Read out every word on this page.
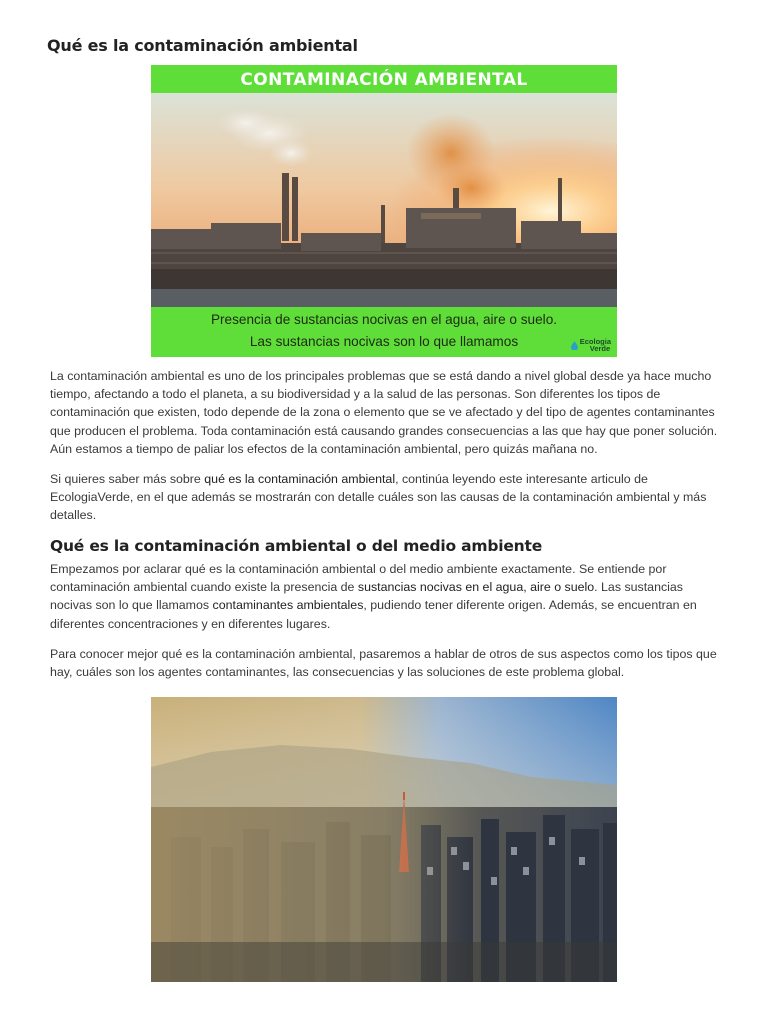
Qué es la contaminación ambiental
CONTAMINACIÓN AMBIENTAL
Presencia de sustancias nocivas en el agua, aire o suelo.
Las sustancias nocivas son lo que llamamos	Ecologia
Verde

La contaminación ambiental es uno de los principales problemas que se está dando a nivel global desde ya hace mucho tiempo, afectando a todo el planeta, a su biodiversidad y a la salud de las personas. Son diferentes los tipos de contaminación que existen, todo depende de la zona o elemento que se ve afectado y del tipo de agentes contaminantes que producen el problema. Toda contaminación está causando grandes consecuencias a las que hay que poner solución. Aún estamos a tiempo de paliar los efectos de la contaminación ambiental, pero quizás mañana no.

Si quieres saber más sobre qué es la contaminación ambiental, continúa leyendo este interesante articulo de EcologiaVerde, en el que además se mostrarán con detalle cuáles son las causas de la contaminación ambiental y más detalles.

Qué es la contaminación ambiental o del medio ambiente

Empezamos por aclarar qué es la contaminación ambiental o del medio ambiente exactamente. Se entiende por contaminación ambiental cuando existe la presencia de sustancias nocivas en el agua, aire o suelo. Las sustancias nocivas son lo que llamamos contaminantes ambientales, pudiendo tener diferente origen. Además, se encuentran en diferentes concentraciones y en diferentes lugares.

Para conocer mejor qué es la contaminación ambiental, pasaremos a hablar de otros de sus aspectos como los tipos que hay, cuáles son los agentes contaminantes, las consecuencias y las soluciones de este problema global.
